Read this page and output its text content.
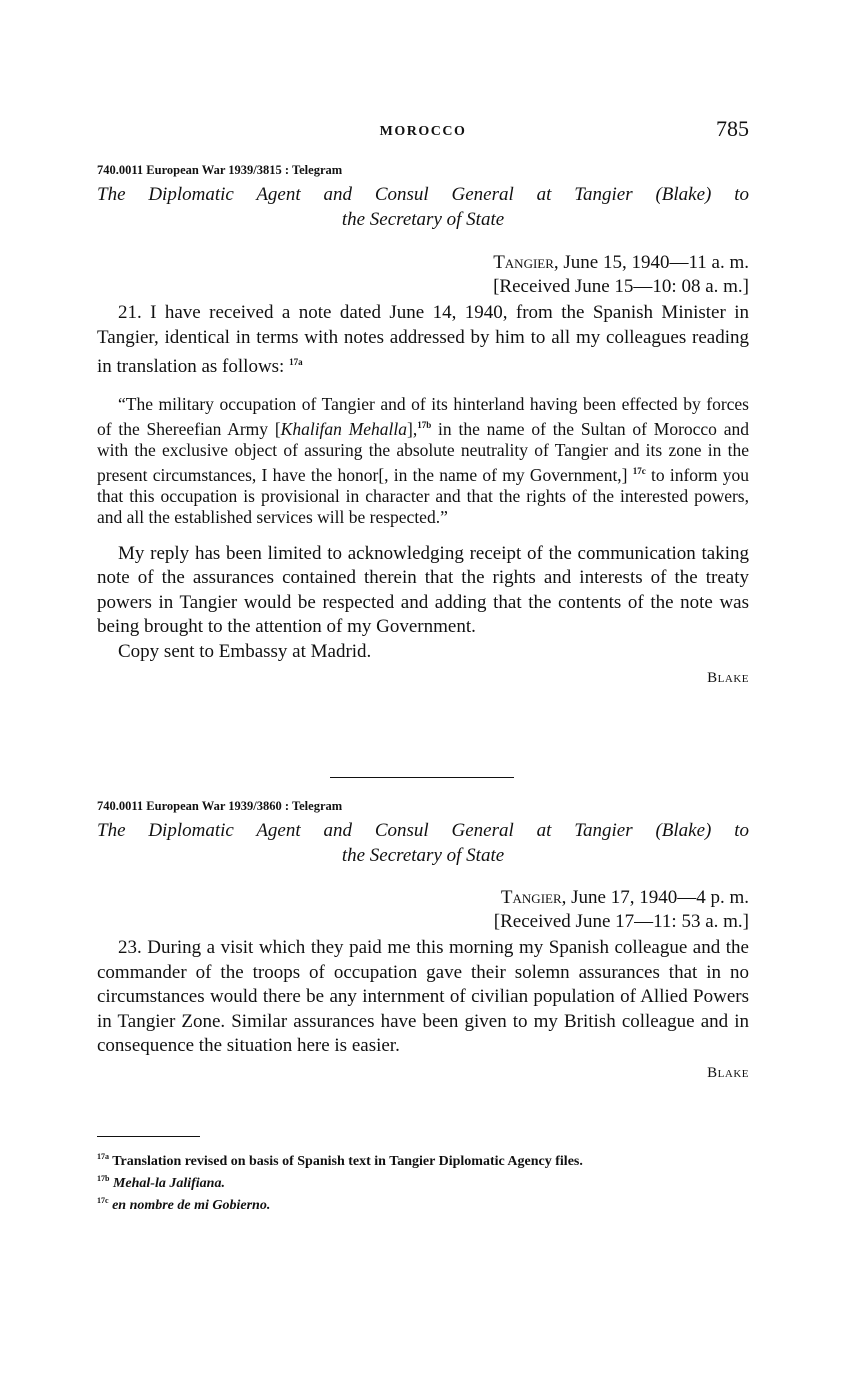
MOROCCO	785
740.0011 European War 1939/3815 : Telegram
The Diplomatic Agent and Consul General at Tangier (Blake) to
the Secretary of State
Tangier, June 15, 1940—11 a. m.
[Received June 15—10: 08 a. m.]

21. I have received a note dated June 14, 1940, from the Spanish Minister in Tangier, identical in terms with notes addressed by him to all my colleagues reading in translation as follows: $^{17a}$

“The military occupation of Tangier and of its hinterland having been effected by forces of the Shereefian Army [Khalifan Mehalla],$^{17b}$ in the name of the Sultan of Morocco and with the exclusive object of assuring the absolute neutrality of Tangier and its zone in the present circumstances, I have the honor[, in the name of my Government,] $^{17c}$ to inform you that this occupation is provisional in character and that the rights of the interested powers, and all the established services will be respected.”

My reply has been limited to acknowledging receipt of the communication taking note of the assurances contained therein that the rights and interests of the treaty powers in Tangier would be respected and adding that the contents of the note was being brought to the attention of my Government.

Copy sent to Embassy at Madrid.

Blake
740.0011 European War 1939/3860 : Telegram
The Diplomatic Agent and Consul General at Tangier (Blake) to
the Secretary of State
Tangier, June 17, 1940—4 p. m.
[Received June 17—11: 53 a. m.]

23. During a visit which they paid me this morning my Spanish colleague and the commander of the troops of occupation gave their solemn assurances that in no circumstances would there be any internment of civilian population of Allied Powers in Tangier Zone. Similar assurances have been given to my British colleague and in consequence the situation here is easier.

Blake

$^{17a}$ Translation revised on basis of Spanish text in Tangier Diplomatic Agency files.

$^{17b}$ Mehal-la Jalifiana.

$^{17c}$ en nombre de mi Gobierno.
